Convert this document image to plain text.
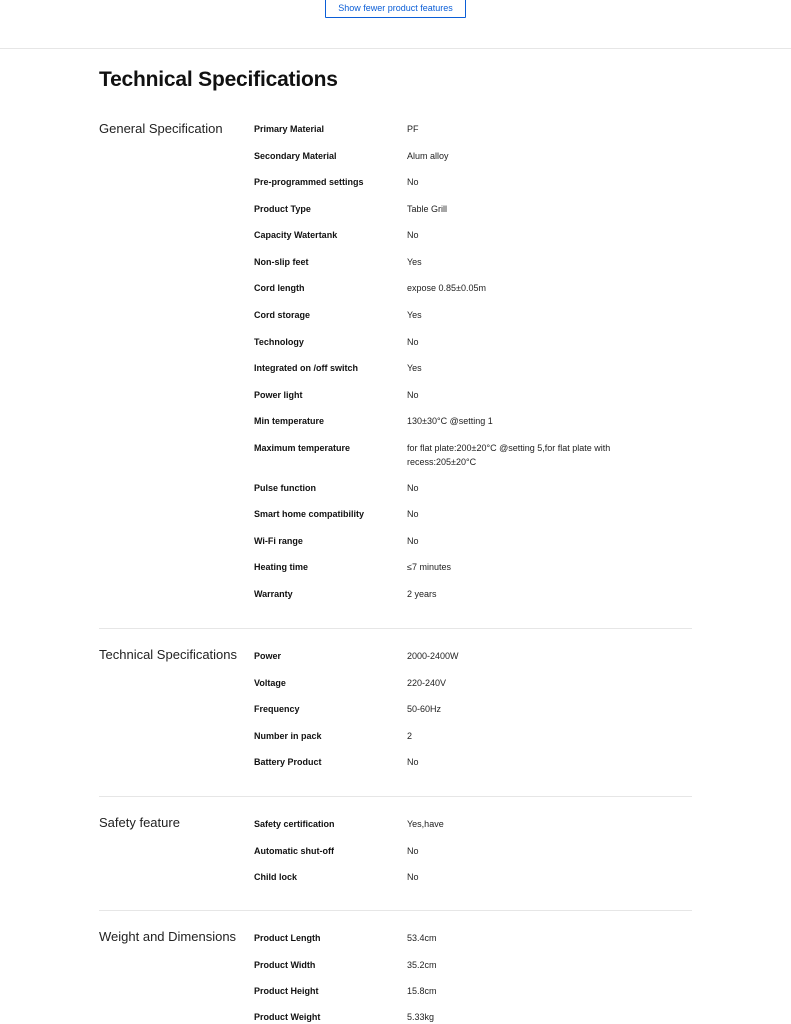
Show fewer product features
Technical Specifications
General Specification	Primary Material	PF
Secondary Material	Alum alloy
Pre-programmed settings	No
Product Type	Table Grill
Capacity Watertank	No
Non-slip feet	Yes
Cord length	expose 0.85±0.05m
Cord storage	Yes
Technology	No
Integrated on /off switch	Yes
Power light	No
Min temperature	130±30°C @setting 1
Maximum temperature	for flat plate:200±20°C @setting 5,for flat plate with recess:205±20°C
Pulse function	No
Smart home compatibility	No
Wi-Fi range	No
Heating time	≤7 minutes
Warranty	2 years
Technical Specifications Power	2000-2400W
Voltage	220-240V
Frequency	50-60Hz
Number in pack	2
Battery Product	No
Safety feature	Safety certification	Yes,have
Automatic shut-off	No
Child lock	No
Weight and Dimensions Product Length	53.4cm
Product Width	35.2cm
Product Height	15.8cm
Product Weight	5.33kg
